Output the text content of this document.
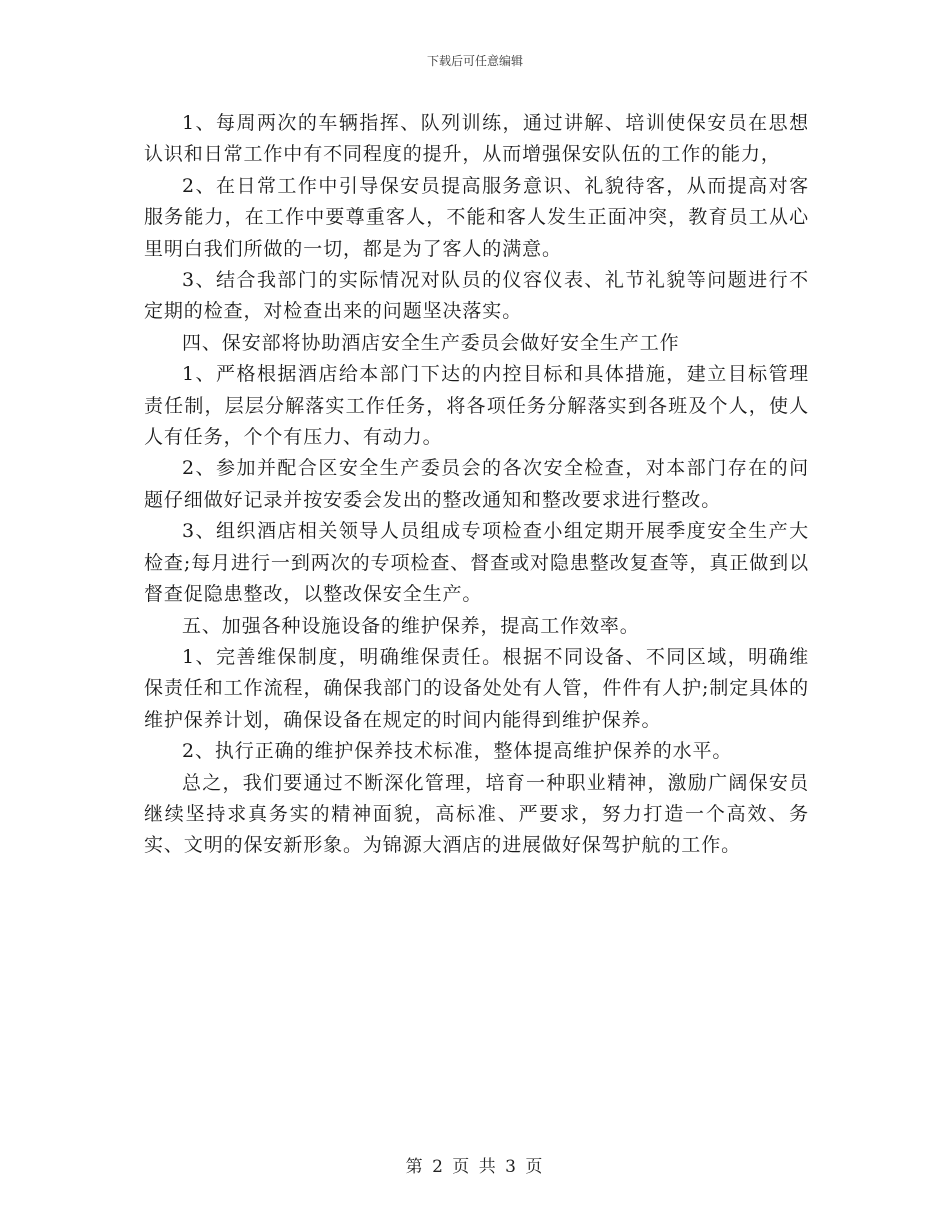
下载后可任意编辑

1、每周两次的车辆指挥、队列训练，通过讲解、培训使保安员在思想认识和日常工作中有不同程度的提升，从而增强保安队伍的工作的能力，

2、在日常工作中引导保安员提高服务意识、礼貌待客，从而提高对客服务能力，在工作中要尊重客人，不能和客人发生正面冲突，教育员工从心里明白我们所做的一切，都是为了客人的满意。

3、结合我部门的实际情况对队员的仪容仪表、礼节礼貌等问题进行不定期的检查，对检查出来的问题坚决落实。

四、保安部将协助酒店安全生产委员会做好安全生产工作

1、严格根据酒店给本部门下达的内控目标和具体措施，建立目标管理责任制，层层分解落实工作任务，将各项任务分解落实到各班及个人，使人人有任务，个个有压力、有动力。

2、参加并配合区安全生产委员会的各次安全检查，对本部门存在的问题仔细做好记录并按安委会发出的整改通知和整改要求进行整改。

3、组织酒店相关领导人员组成专项检查小组定期开展季度安全生产大检查;每月进行一到两次的专项检查、督查或对隐患整改复查等，真正做到以督查促隐患整改，以整改保安全生产。

五、加强各种设施设备的维护保养，提高工作效率。

1、完善维保制度，明确维保责任。根据不同设备、不同区域，明确维保责任和工作流程，确保我部门的设备处处有人管，件件有人护;制定具体的维护保养计划，确保设备在规定的时间内能得到维护保养。

2、执行正确的维护保养技术标准，整体提高维护保养的水平。

总之，我们要通过不断深化管理，培育一种职业精神，激励广阔保安员继续坚持求真务实的精神面貌，高标准、严要求，努力打造一个高效、务实、文明的保安新形象。为锦源大酒店的进展做好保驾护航的工作。

第 2 页 共 3 页
